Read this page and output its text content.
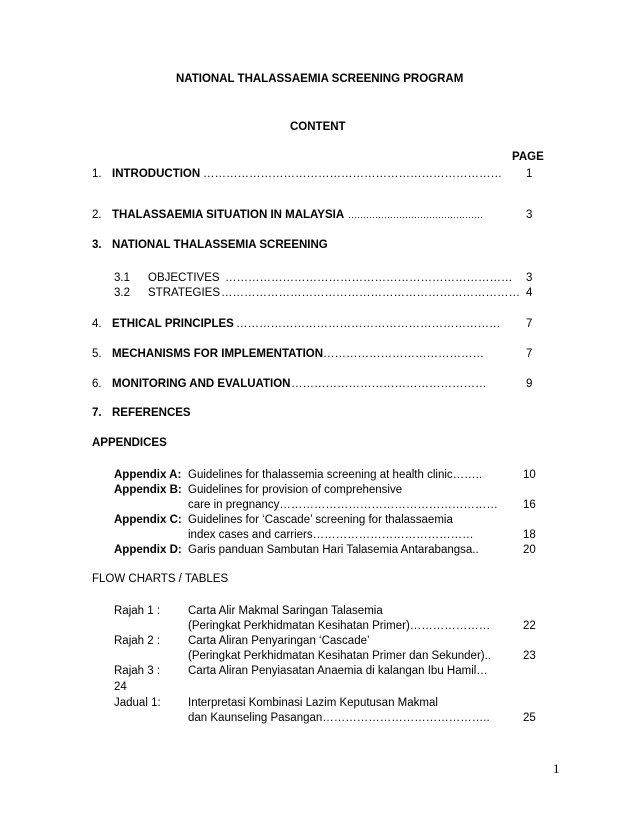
NATIONAL THALASSAEMIA SCREENING PROGRAM
CONTENT
PAGE
1. INTRODUCTION …………………………………………………………………… 1
2. THALASSAEMIA SITUATION IN MALAYSIA ………………………………………	3
3. NATIONAL THALASSEMIA SCREENING
3.1 OBJECTIVES ………………………………………………………………… 3
3.2 STRATEGIES …………………………………………………………………… 4
4. ETHICAL PRINCIPLES …………………………………………………………… 7
5. MECHANISMS FOR IMPLEMENTATION ……………………………………	7
6. MONITORING AND EVALUATION ……………………………………………	9
7. REFERENCES
APPENDICES
Appendix A: Guidelines for thalassemia screening at health clinic……..	10
Appendix B: Guidelines for provision of comprehensive
care in pregnancy………………………………………………… 16
Appendix C: Guidelines for ‘Cascade’ screening for thalassaemia
index cases and carriers……………………………………	18
Appendix D: Garis panduan Sambutan Hari Talasemia Antarabangsa..	20
FLOW CHARTS / TABLES
Rajah 1 : Carta Alir Makmal Saringan Talasemia
(Peringkat Perkhidmatan Kesihatan Primer)…………………	22
Rajah 2 : Carta Aliran Penyaringan ‘Cascade’
(Peringkat Perkhidmatan Kesihatan Primer dan Sekunder)..	23
Rajah 3 : Carta Aliran Penyiasatan Anaemia di kalangan Ibu Hamil…
24
Jadual 1: Interpretasi Kombinasi Lazim Keputusan Makmal
dan Kaunseling Pasangan……………………………………..	25
1
